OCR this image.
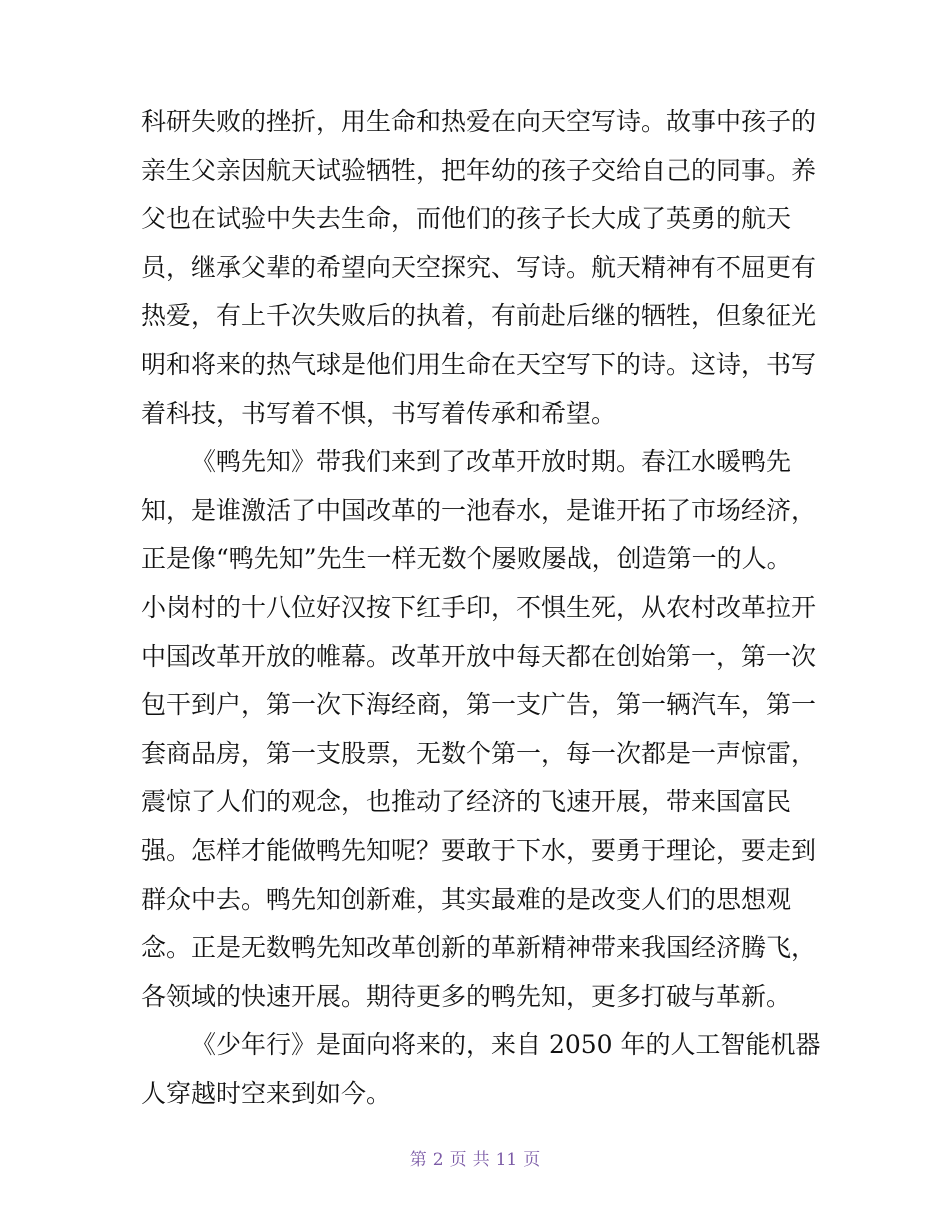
科研失败的挫折，用生命和热爱在向天空写诗。故事中孩子的
亲生父亲因航天试验牺牲，把年幼的孩子交给自己的同事。养
父也在试验中失去生命，而他们的孩子长大成了英勇的航天
员，继承父辈的希望向天空探究、写诗。航天精神有不屈更有
热爱，有上千次失败后的执着，有前赴后继的牺牲，但象征光
明和将来的热气球是他们用生命在天空写下的诗。这诗，书写
着科技，书写着不惧，书写着传承和希望。
《鸭先知》带我们来到了改革开放时期。春江水暖鸭先
知，是谁激活了中国改革的一池春水，是谁开拓了市场经济，
正是像“鸭先知”先生一样无数个屡败屡战，创造第一的人。
小岗村的十八位好汉按下红手印，不惧生死，从农村改革拉开
中国改革开放的帷幕。改革开放中每天都在创始第一，第一次
包干到户，第一次下海经商，第一支广告，第一辆汽车，第一
套商品房，第一支股票，无数个第一，每一次都是一声惊雷，
震惊了人们的观念，也推动了经济的飞速开展，带来国富民
强。怎样才能做鸭先知呢？要敢于下水，要勇于理论，要走到
群众中去。鸭先知创新难，其实最难的是改变人们的思想观
念。正是无数鸭先知改革创新的革新精神带来我国经济腾飞，
各领域的快速开展。期待更多的鸭先知，更多打破与革新。
《少年行》是面向将来的，来自 2050 年的人工智能机器
人穿越时空来到如今。
第 2 页 共 11 页
